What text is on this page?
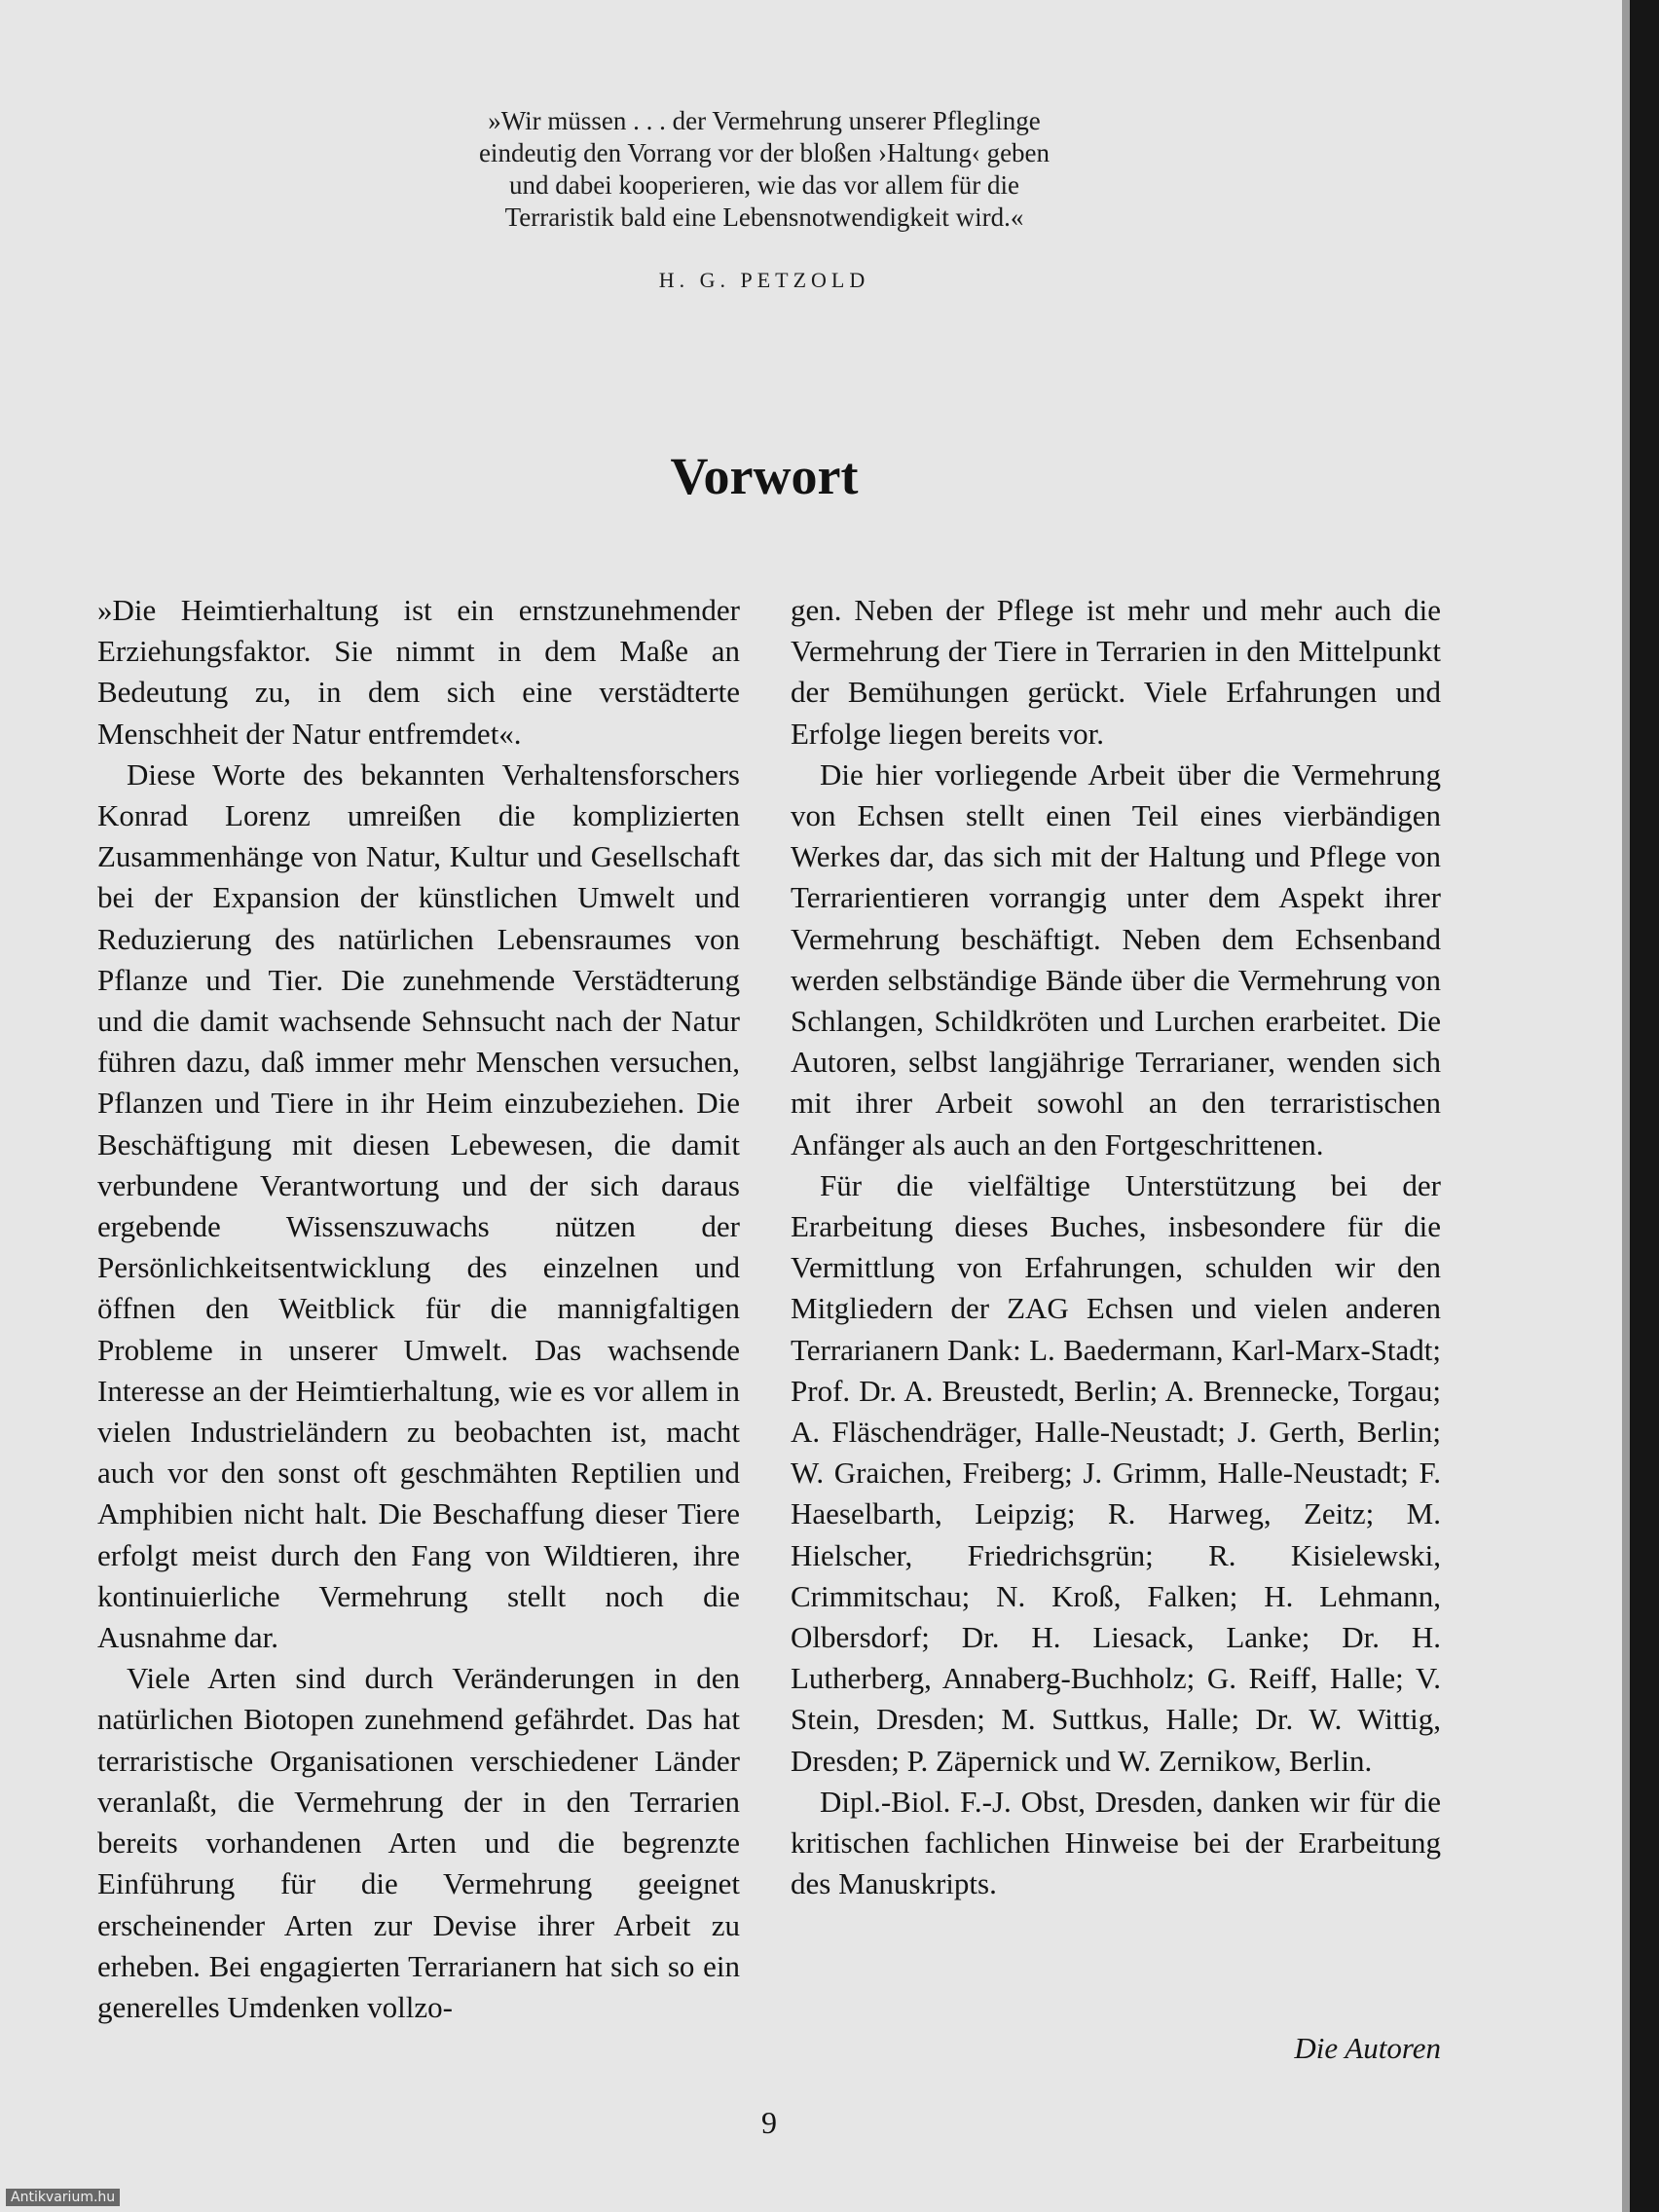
»Wir müssen . . . der Vermehrung unserer Pfleglinge

eindeutig den Vorrang vor der bloßen ›Haltung‹ geben

und dabei kooperieren, wie das vor allem für die

Terraristik bald eine Lebensnotwendigkeit wird.«

H. G. PETZOLD
Vorwort

»Die Heimtierhaltung ist ein ernstzunehmender Erziehungsfaktor. Sie nimmt in dem Maße an Bedeutung zu, in dem sich eine verstädterte Menschheit der Natur entfremdet«.

Diese Worte des bekannten Verhaltensforschers Konrad Lorenz umreißen die komplizierten Zusammenhänge von Natur, Kultur und Gesellschaft bei der Expansion der künstlichen Umwelt und Reduzierung des natürlichen Lebensraumes von Pflanze und Tier. Die zunehmende Verstädterung und die damit wachsende Sehnsucht nach der Natur führen dazu, daß immer mehr Menschen versuchen, Pflanzen und Tiere in ihr Heim einzubeziehen. Die Beschäftigung mit diesen Lebewesen, die damit verbundene Verantwortung und der sich daraus ergebende Wissenszuwachs nützen der Persönlichkeitsentwicklung des einzelnen und öffnen den Weitblick für die mannigfaltigen Probleme in unserer Umwelt. Das wachsende Interesse an der Heimtierhaltung, wie es vor allem in vielen Industrieländern zu beobachten ist, macht auch vor den sonst oft geschmähten Reptilien und Amphibien nicht halt. Die Beschaffung dieser Tiere erfolgt meist durch den Fang von Wildtieren, ihre kontinuierliche Vermehrung stellt noch die Ausnahme dar.

Viele Arten sind durch Veränderungen in den natürlichen Biotopen zunehmend gefährdet. Das hat terraristische Organisationen verschiedener Länder veranlaßt, die Vermehrung der in den Terrarien bereits vorhandenen Arten und die begrenzte Einführung für die Vermehrung geeignet erscheinender Arten zur Devise ihrer Arbeit zu erheben. Bei engagierten Terrarianern hat sich so ein generelles Umdenken vollzo-

gen. Neben der Pflege ist mehr und mehr auch die Vermehrung der Tiere in Terrarien in den Mittelpunkt der Bemühungen gerückt. Viele Erfahrungen und Erfolge liegen bereits vor.

Die hier vorliegende Arbeit über die Vermehrung von Echsen stellt einen Teil eines vierbändigen Werkes dar, das sich mit der Haltung und Pflege von Terrarientieren vorrangig unter dem Aspekt ihrer Vermehrung beschäftigt. Neben dem Echsenband werden selbständige Bände über die Vermehrung von Schlangen, Schildkröten und Lurchen erarbeitet. Die Autoren, selbst langjährige Terrarianer, wenden sich mit ihrer Arbeit sowohl an den terraristischen Anfänger als auch an den Fortgeschrittenen.

Für die vielfältige Unterstützung bei der Erarbeitung dieses Buches, insbesondere für die Vermittlung von Erfahrungen, schulden wir den Mitgliedern der ZAG Echsen und vielen anderen Terrarianern Dank: L. Baedermann, Karl-Marx-Stadt; Prof. Dr. A. Breustedt, Berlin; A. Brennecke, Torgau; A. Fläschendräger, Halle-Neustadt; J. Gerth, Berlin; W. Graichen, Freiberg; J. Grimm, Halle-Neustadt; F. Haeselbarth, Leipzig; R. Harweg, Zeitz; M. Hielscher, Friedrichsgrün; R. Kisielewski, Crimmitschau; N. Kroß, Falken; H. Lehmann, Olbersdorf; Dr. H. Liesack, Lanke; Dr. H. Lutherberg, Annaberg-Buchholz; G. Reiff, Halle; V. Stein, Dresden; M. Suttkus, Halle; Dr. W. Wittig, Dresden; P. Zäpernick und W. Zernikow, Berlin.

Dipl.-Biol. F.-J. Obst, Dresden, danken wir für die kritischen fachlichen Hinweise bei der Erarbeitung des Manuskripts.

Die Autoren
9
Antikvarium.hu
